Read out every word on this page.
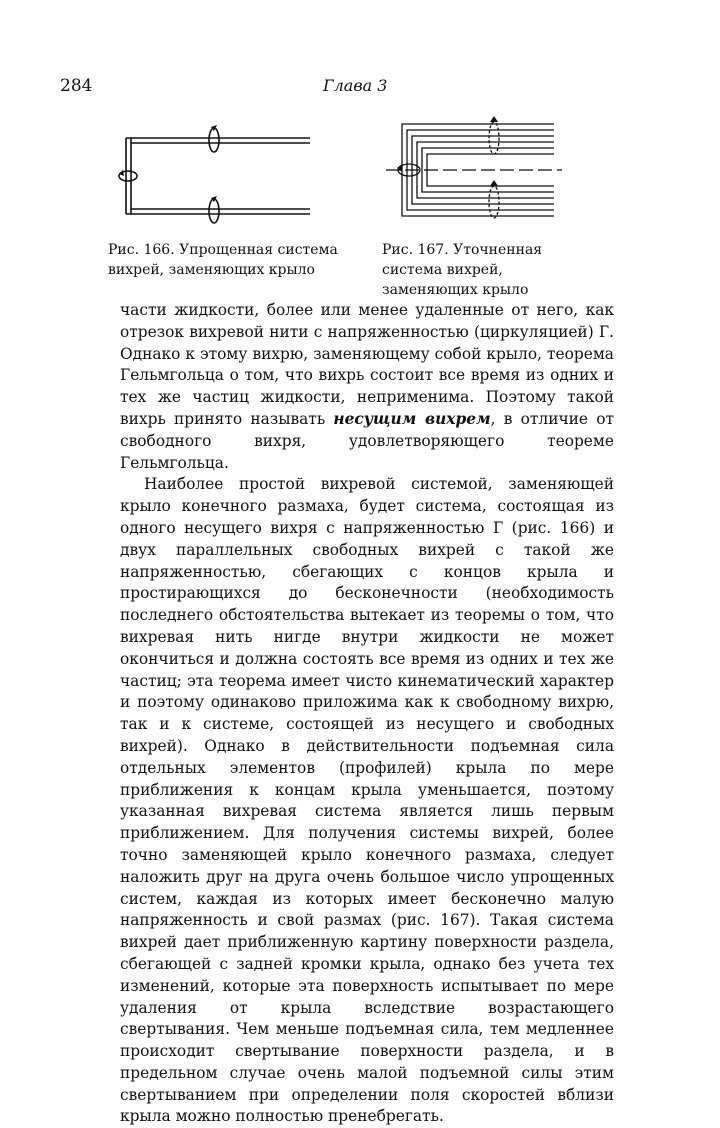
284	Глава 3
Рис. 166. Упрощенная система вихрей, заменяющих крыло
Рис. 167. Уточненная система вихрей, заменяющих крыло

части жидкости, более или менее удаленные от него, как отрезок вихревой нити с напряженностью (циркуляцией) Г. Однако к этому вихрю, заменяющему собой крыло, теорема Гельмгольца о том, что вихрь состоит все время из одних и тех же частиц жидкости, неприменима. Поэтому такой вихрь принято называть несущим вихрем, в отличие от свободного вихря, удовлетворяющего теореме Гельмгольца.

Наиболее простой вихревой системой, заменяющей крыло конечного размаха, будет система, состоящая из одного несущего вихря с напряженностью Г (рис. 166) и двух параллельных свободных вихрей с такой же напряженностью, сбегающих с концов крыла и простирающихся до бесконечности (необходимость последнего обстоятельства вытекает из теоремы о том, что вихревая нить нигде внутри жидкости не может окончиться и должна состоять все время из одних и тех же частиц; эта теорема имеет чисто кинематический характер и поэтому одинаково приложима как к свободному вихрю, так и к системе, состоящей из несущего и свободных вихрей). Однако в действительности подъемная сила отдельных элементов (профилей) крыла по мере приближения к концам крыла уменьшается, поэтому указанная вихревая система является лишь первым приближением. Для получения системы вихрей, более точно заменяющей крыло конечного размаха, следует наложить друг на друга очень большое число упрощенных систем, каждая из которых имеет бесконечно малую напряженность и свой размах (рис. 167). Такая система вихрей дает приближенную картину поверхности раздела, сбегающей с задней кромки крыла, однако без учета тех изменений, которые эта поверхность испытывает по мере удаления от крыла вследствие возрастающего свертывания. Чем меньше подъемная сила, тем медленнее происходит свертывание поверхности раздела, и в предельном случае очень малой подъемной силы этим свертыванием при определении поля скоростей вблизи крыла можно полностью пренебрегать.
